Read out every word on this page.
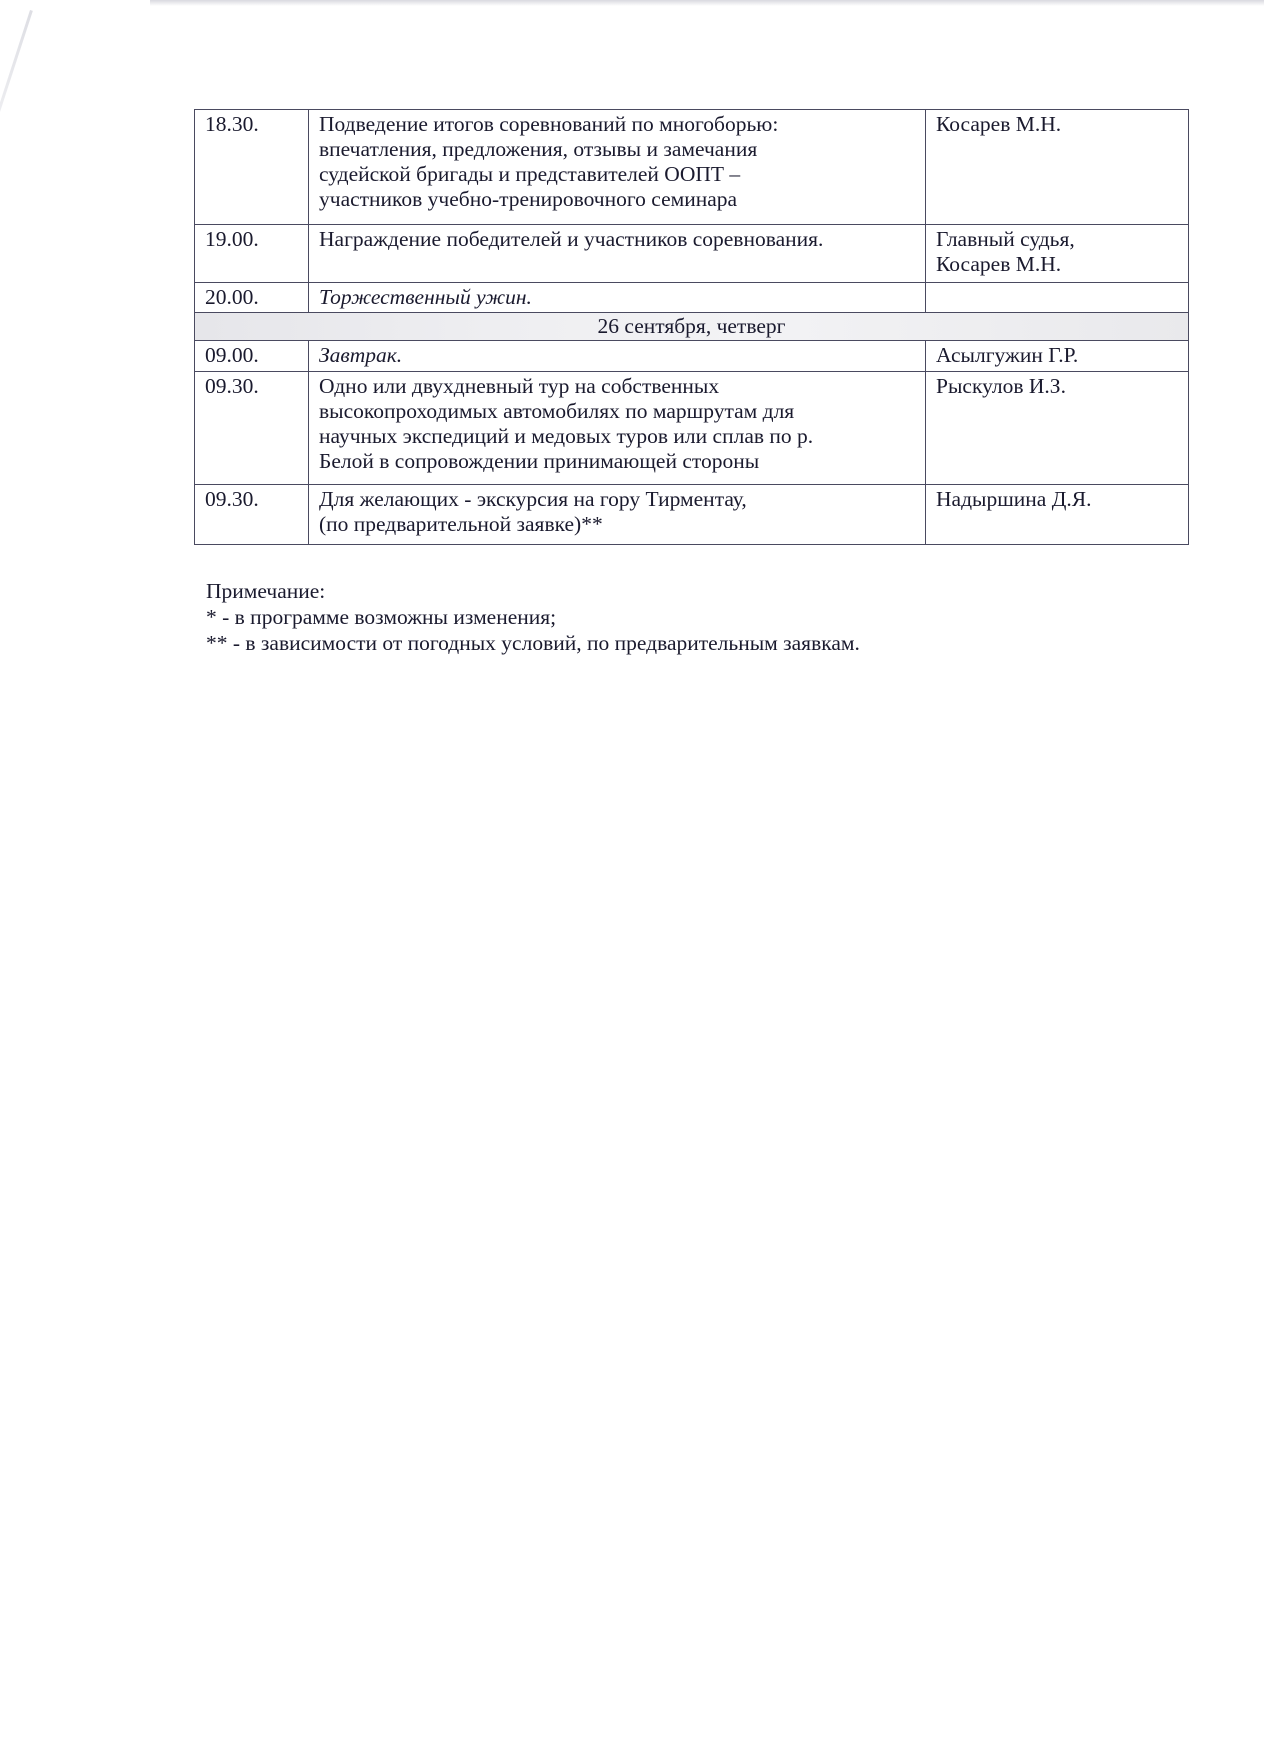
18.30.	Подведение итогов соревнований по многоборью:
впечатления, предложения, отзывы и замечания
судейской бригады и представителей ООПТ –
участников учебно-тренировочного семинара	Косарев М.Н.

19.00.	Награждение победителей и участников соревнования.	Главный судья,
Косарев М.Н.

20.00.	Торжественный ужин.	

26 сентября, четверг		
09.00.	Завтрак.	Асылгужин Г.Р.

09.30.	Одно или двухдневный тур на собственных
высокопроходимых автомобилях по маршрутам для
научных экспедиций и медовых туров или сплав по р.
Белой в сопровождении принимающей стороны	Рыскулов И.З.

09.30.	Для желающих - экскурсия на гору Тирментау,
(по предварительной заявке)**	Надыршина Д.Я.
Примечание:
* - в программе возможны изменения;
** - в зависимости от погодных условий, по предварительным заявкам.
